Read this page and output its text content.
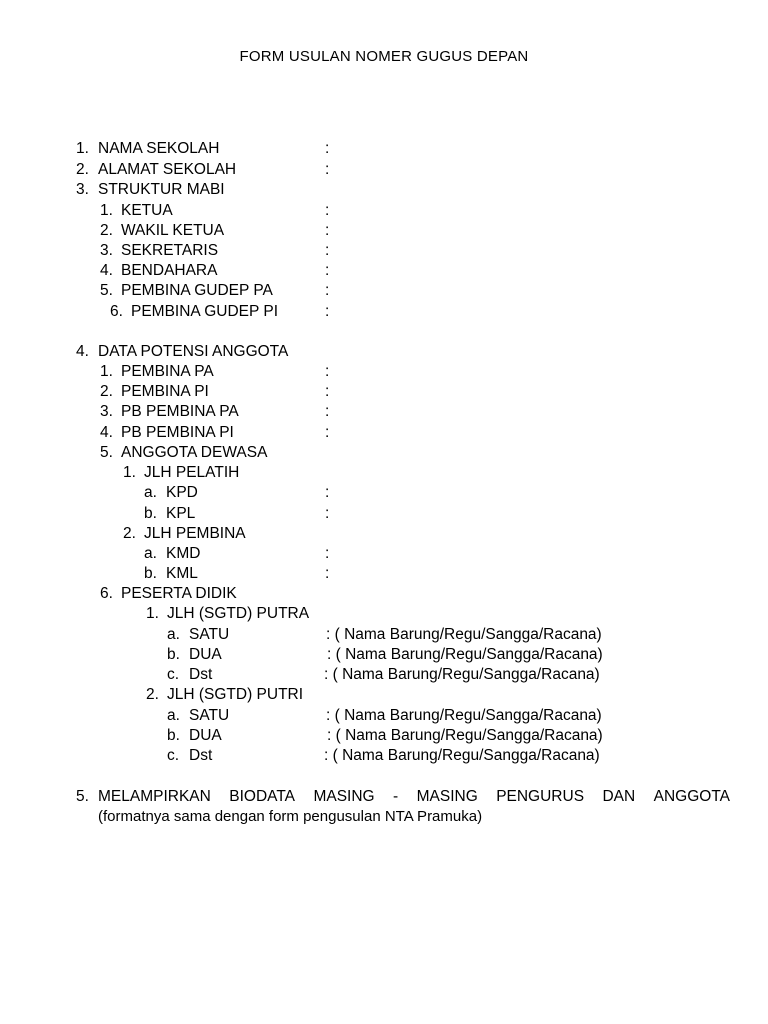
FORM USULAN NOMER GUGUS DEPAN
1. NAMA SEKOLAH	:
2. ALAMAT SEKOLAH	:
3. STRUKTUR MABI
1. KETUA	:
2. WAKIL KETUA	:
3. SEKRETARIS	:
4. BENDAHARA	:
5. PEMBINA GUDEP PA	:
6. PEMBINA GUDEP PI	:
4. DATA POTENSI ANGGOTA
1. PEMBINA PA	:
2. PEMBINA PI	:
3. PB PEMBINA PA	:
4. PB PEMBINA PI	:
5. ANGGOTA DEWASA
1. JLH PELATIH
a. KPD	:
b. KPL	:
2. JLH PEMBINA
a. KMD	:
b. KML	:
6. PESERTA DIDIK
1. JLH (SGTD) PUTRA
a. SATU	: ( Nama Barung/Regu/Sangga/Racana)
b. DUA	: ( Nama Barung/Regu/Sangga/Racana)
c. Dst	: ( Nama Barung/Regu/Sangga/Racana)
2. JLH (SGTD) PUTRI
a. SATU	: ( Nama Barung/Regu/Sangga/Racana)
b. DUA	: ( Nama Barung/Regu/Sangga/Racana)
c. Dst	: ( Nama Barung/Regu/Sangga/Racana)
5. MELAMPIRKAN BIODATA MASING - MASING PENGURUS DAN ANGGOTA
(formatnya sama dengan form pengusulan NTA Pramuka)
